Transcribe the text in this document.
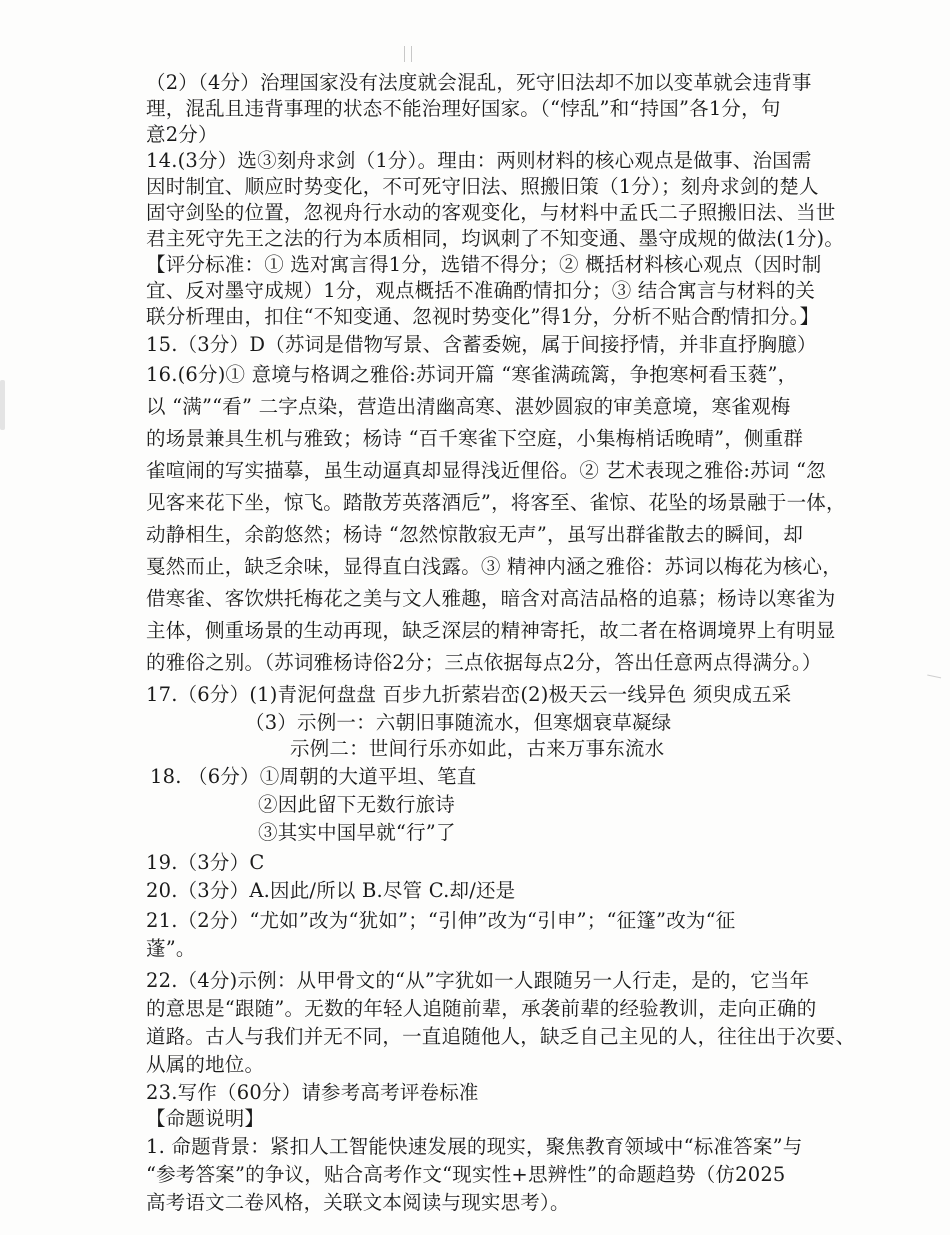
（2）（4分）治理国家没有法度就会混乱，死守旧法却不加以变革就会违背事
理，混乱且违背事理的状态不能治理好国家。（“悖乱”和“持国”各1分，句
意2分）
14.(3分）选③刻舟求剑（1分）。理由：两则材料的核心观点是做事、治国需
因时制宜、顺应时势变化，不可死守旧法、照搬旧策（1分）；刻舟求剑的楚人
固守剑坠的位置，忽视舟行水动的客观变化，与材料中孟氏二子照搬旧法、当世
君主死守先王之法的行为本质相同，均讽刺了不知变通、墨守成规的做法(1分)。
【评分标准：① 选对寓言得1分，选错不得分；② 概括材料核心观点（因时制
宜、反对墨守成规）1分，观点概括不准确酌情扣分；③ 结合寓言与材料的关
联分析理由，扣住“不知变通、忽视时势变化”得1分，分析不贴合酌情扣分。】
15.（3分）D（苏词是借物写景、含蓄委婉，属于间接抒情，并非直抒胸臆）
16.(6分)① 意境与格调之雅俗:苏词开篇 “寒雀满疏篱，争抱寒柯看玉蕤”，
以 “满”“看” 二字点染，营造出清幽高寒、湛妙圆寂的审美意境，寒雀观梅
的场景兼具生机与雅致；杨诗 “百千寒雀下空庭，小集梅梢话晚晴”，侧重群
雀喧闹的写实描摹，虽生动逼真却显得浅近俚俗。② 艺术表现之雅俗:苏词 “忽
见客来花下坐，惊飞。踏散芳英落酒卮”，将客至、雀惊、花坠的场景融于一体，
动静相生，余韵悠然；杨诗 “忽然惊散寂无声”，虽写出群雀散去的瞬间，却
戛然而止，缺乏余味，显得直白浅露。③ 精神内涵之雅俗：苏词以梅花为核心，
借寒雀、客饮烘托梅花之美与文人雅趣，暗含对高洁品格的追慕；杨诗以寒雀为
主体，侧重场景的生动再现，缺乏深层的精神寄托，故二者在格调境界上有明显
的雅俗之别。（苏词雅杨诗俗2分；三点依据每点2分，答出任意两点得满分。）
17.（6分）(1)青泥何盘盘 百步九折萦岩峦(2)极天云一线异色 须臾成五采
（3）示例一：六朝旧事随流水，但寒烟衰草凝绿
示例二：世间行乐亦如此，古来万事东流水
18. （6分）①周朝的大道平坦、笔直
②因此留下无数行旅诗
③其实中国早就“行”了
19.（3分）C
20.（3分）A.因此/所以 B.尽管 C.却/还是
21.（2分）“尤如”改为“犹如”；“引伸”改为“引申”；“征篷”改为“征
蓬”。
22.（4分)示例：从甲骨文的“从”字犹如一人跟随另一人行走，是的，它当年
的意思是“跟随”。无数的年轻人追随前辈，承袭前辈的经验教训，走向正确的
道路。古人与我们并无不同，一直追随他人，缺乏自己主见的人，往往出于次要、
从属的地位。
23.写作（60分）请参考高考评卷标准
【命题说明】
1. 命题背景：紧扣人工智能快速发展的现实，聚焦教育领域中“标准答案”与
“参考答案”的争议，贴合高考作文“现实性+思辨性”的命题趋势（仿2025
高考语文二卷风格，关联文本阅读与现实思考）。
